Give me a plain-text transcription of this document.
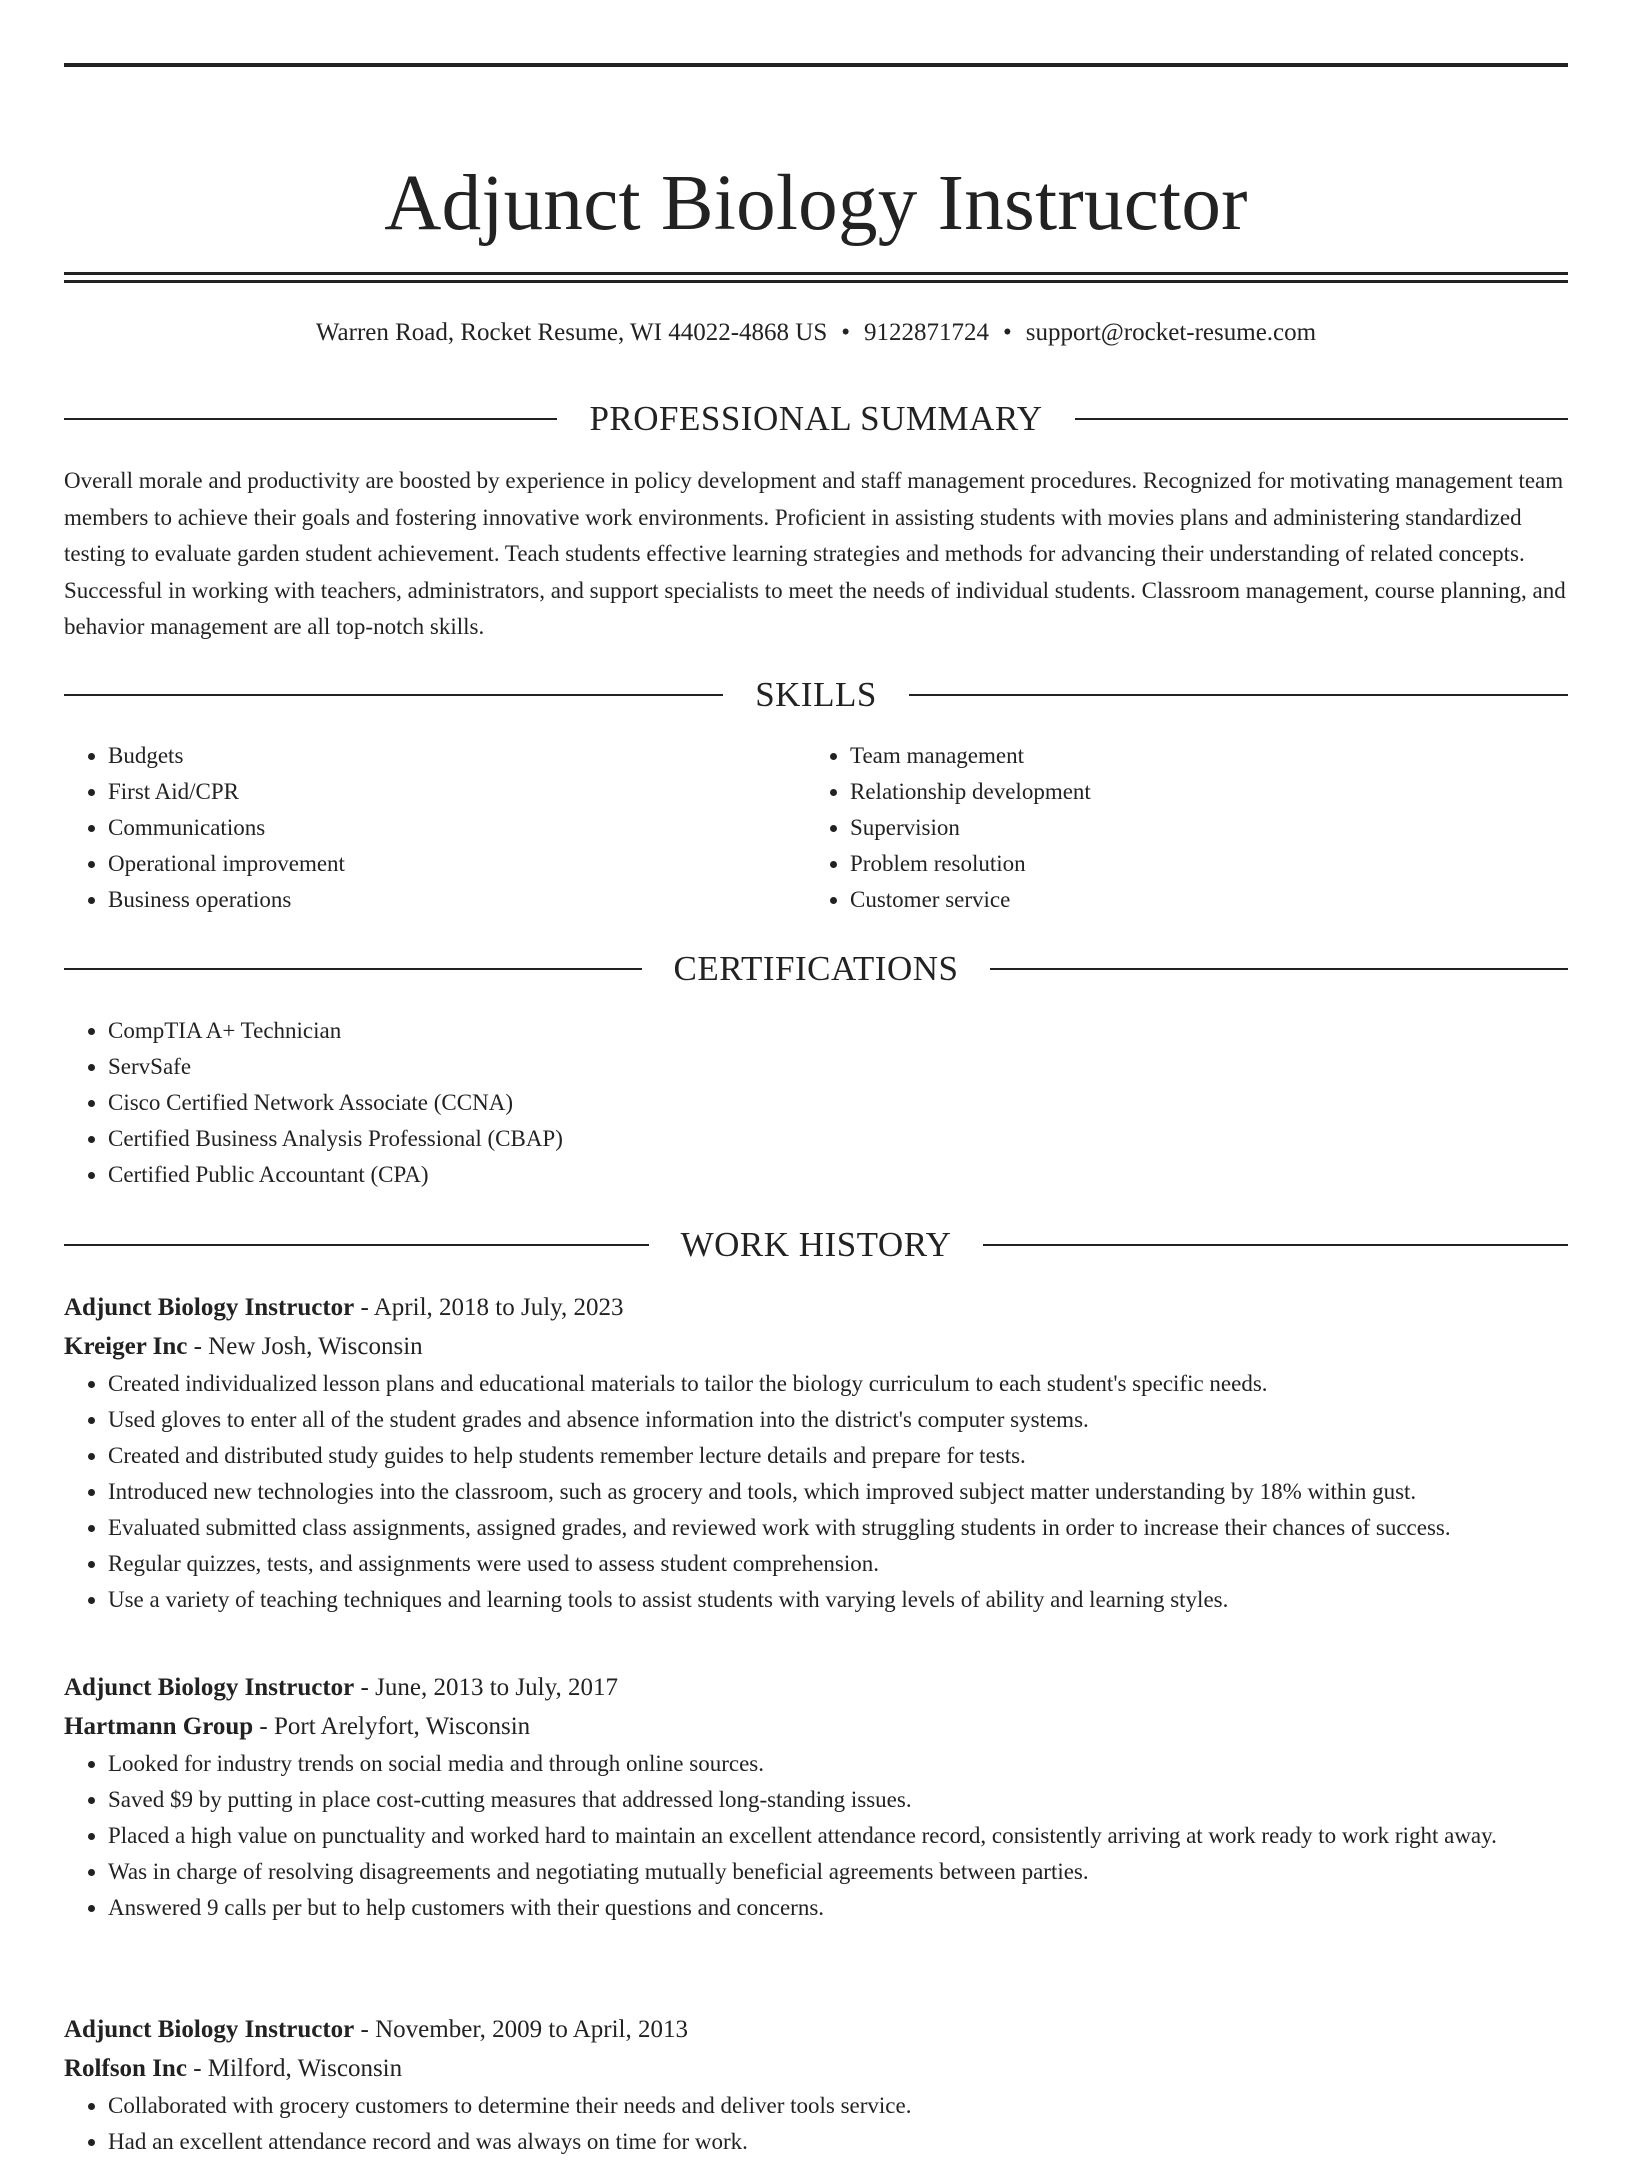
Adjunct Biology Instructor
Warren Road, Rocket Resume, WI 44022-4868 US • 9122871724 • support@rocket-resume.com
PROFESSIONAL SUMMARY

Overall morale and productivity are boosted by experience in policy development and staff management procedures. Recognized for motivating management team members to achieve their goals and fostering innovative work environments. Proficient in assisting students with movies plans and administering standardized testing to evaluate garden student achievement. Teach students effective learning strategies and methods for advancing their understanding of related concepts. Successful in working with teachers, administrators, and support specialists to meet the needs of individual students. Classroom management, course planning, and behavior management are all top-notch skills.

SKILLS
• Budgets
• First Aid/CPR
• Communications
• Operational improvement
• Business operations
• Team management
• Relationship development
• Supervision
• Problem resolution
• Customer service
CERTIFICATIONS
• CompTIA A+ Technician
• ServSafe
• Cisco Certified Network Associate (CCNA)
• Certified Business Analysis Professional (CBAP)
• Certified Public Accountant (CPA)
WORK HISTORY
Adjunct Biology Instructor - April, 2018 to July, 2023
Kreiger Inc - New Josh, Wisconsin
• Created individualized lesson plans and educational materials to tailor the biology curriculum to each student's specific needs.
• Used gloves to enter all of the student grades and absence information into the district's computer systems.
• Created and distributed study guides to help students remember lecture details and prepare for tests.
• Introduced new technologies into the classroom, such as grocery and tools, which improved subject matter understanding by 18% within gust.
• Evaluated submitted class assignments, assigned grades, and reviewed work with struggling students in order to increase their chances of success.
• Regular quizzes, tests, and assignments were used to assess student comprehension.
• Use a variety of teaching techniques and learning tools to assist students with varying levels of ability and learning styles.
Adjunct Biology Instructor - June, 2013 to July, 2017
Hartmann Group - Port Arelyfort, Wisconsin
• Looked for industry trends on social media and through online sources.
• Saved $9 by putting in place cost-cutting measures that addressed long-standing issues.
• Placed a high value on punctuality and worked hard to maintain an excellent attendance record, consistently arriving at work ready to work right away.
• Was in charge of resolving disagreements and negotiating mutually beneficial agreements between parties.
• Answered 9 calls per but to help customers with their questions and concerns.
Adjunct Biology Instructor - November, 2009 to April, 2013
Rolfson Inc - Milford, Wisconsin
• Collaborated with grocery customers to determine their needs and deliver tools service.
• Had an excellent attendance record and was always on time for work.
